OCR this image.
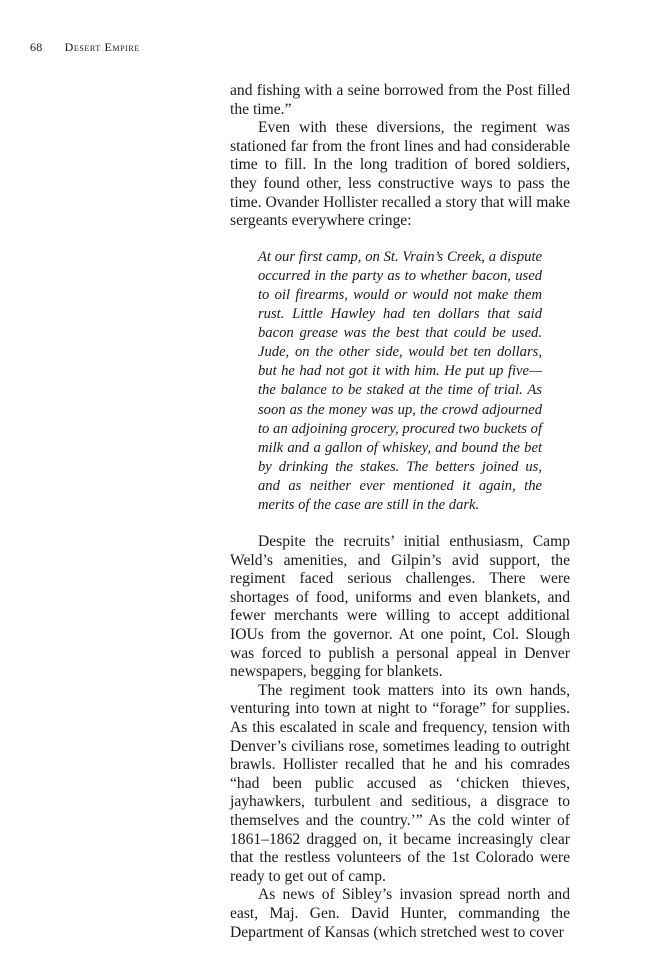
68 Desert Empire

and fishing with a seine borrowed from the Post filled the time.”

Even with these diversions, the regiment was stationed far from the front lines and had considerable time to fill. In the long tradition of bored soldiers, they found other, less constructive ways to pass the time. Ovander Hollister recalled a story that will make sergeants everywhere cringe:

At our first camp, on St. Vrain’s Creek, a dispute occurred in the party as to whether bacon, used to oil firearms, would or would not make them rust. Little Hawley had ten dollars that said bacon grease was the best that could be used. Jude, on the other side, would bet ten dollars, but he had not got it with him. He put up five—the balance to be staked at the time of trial. As soon as the money was up, the crowd adjourned to an adjoining grocery, procured two buckets of milk and a gallon of whiskey, and bound the bet by drinking the stakes. The betters joined us, and as neither ever mentioned it again, the merits of the case are still in the dark.

Despite the recruits’ initial enthusiasm, Camp Weld’s amenities, and Gilpin’s avid support, the regiment faced serious challenges. There were shortages of food, uniforms and even blankets, and fewer merchants were willing to accept additional IOUs from the governor. At one point, Col. Slough was forced to publish a personal appeal in Denver newspapers, begging for blankets.

The regiment took matters into its own hands, venturing into town at night to “forage” for supplies. As this escalated in scale and frequency, tension with Denver’s civilians rose, sometimes leading to outright brawls. Hollister recalled that he and his comrades “had been public accused as ‘chicken thieves, jayhawkers, turbulent and seditious, a disgrace to themselves and the country.’” As the cold winter of 1861–1862 dragged on, it became increasingly clear that the restless volunteers of the 1st Colorado were ready to get out of camp.

As news of Sibley’s invasion spread north and east, Maj. Gen. David Hunter, commanding the Department of Kansas (which stretched west to cover
